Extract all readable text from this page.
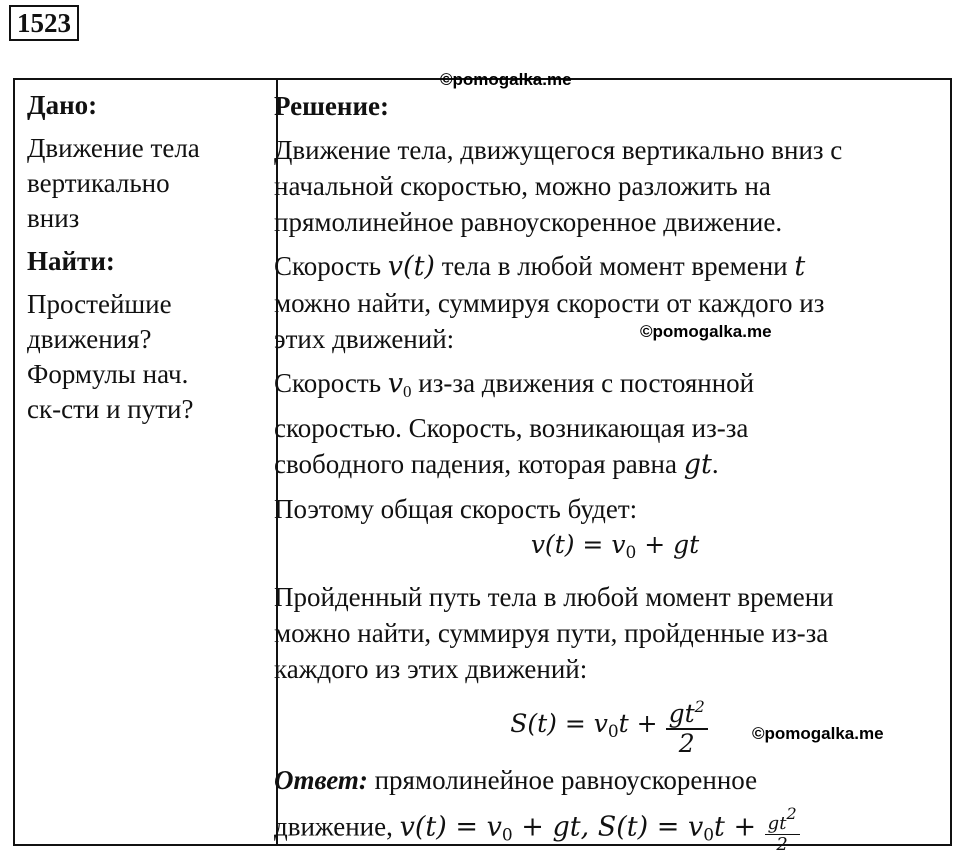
1523
Дано:
Движение тела
вертикально
вниз
Найти:
Простейшие
движения?
Формулы нач.
ск-сти и пути?
Решение:
Движение тела, движущегося вертикально вниз с
начальной скоростью, можно разложить на
прямолинейное равноускоренное движение.
Скорость v(t) тела в любой момент времени t
можно найти, суммируя скорости от каждого из
этих движений:
Скорость $v_0$ из-за движения с постоянной
скоростью. Скорость, возникающая из-за
свободного падения, которая равна gt.
Поэтому общая скорость будет:
$v(t) = v_0$ + gt
Пройденный путь тела в любой момент времени
можно найти, суммируя пути, пройденные из-за
каждого из этих движений:
$S(t) = v_0t + \frac{gt^2}{2}$
Ответ: прямолинейное равноускоренное
движение, $v(t) = v_0$ + gt, $S(t) = v_0t + \frac{gt2}{2}$
©pomogalka.me
©pomogalka.me
©pomogalka.me
